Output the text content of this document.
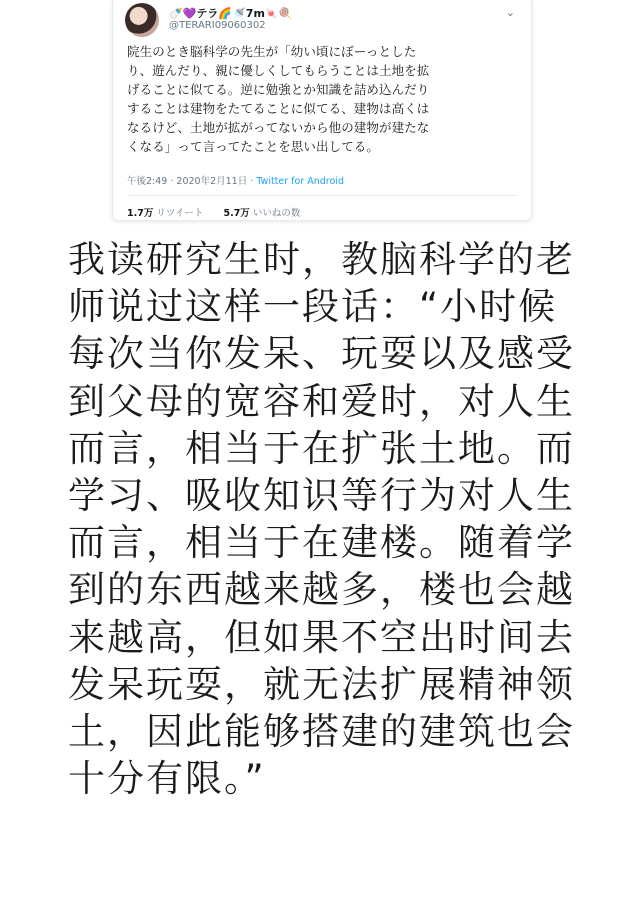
🍼💜テラ🌈🚿7m🍬🍭
@TERARI09060302
⌄
院生のとき脳科学の先生が「幼い頃にぼーっとした
り、遊んだり、親に優しくしてもらうことは土地を拡
げることに似てる。逆に勉強とか知識を詰め込んだり
することは建物をたてることに似てる、建物は高くは
なるけど、土地が拡がってないから他の建物が建たな
くなる」って言ってたことを思い出してる。
午後2:49 · 2020年2月11日 · Twitter for Android
1.7万 リツイート 5.7万 いいねの数
我读研究生时，教脑科学的老
师说过这样一段话：“小时候
每次当你发呆、玩耍以及感受
到父母的宽容和爱时，对人生
而言，相当于在扩张土地。而
学习、吸收知识等行为对人生
而言，相当于在建楼。随着学
到的东西越来越多，楼也会越
来越高，但如果不空出时间去
发呆玩耍，就无法扩展精神领
土，因此能够搭建的建筑也会
十分有限。”
